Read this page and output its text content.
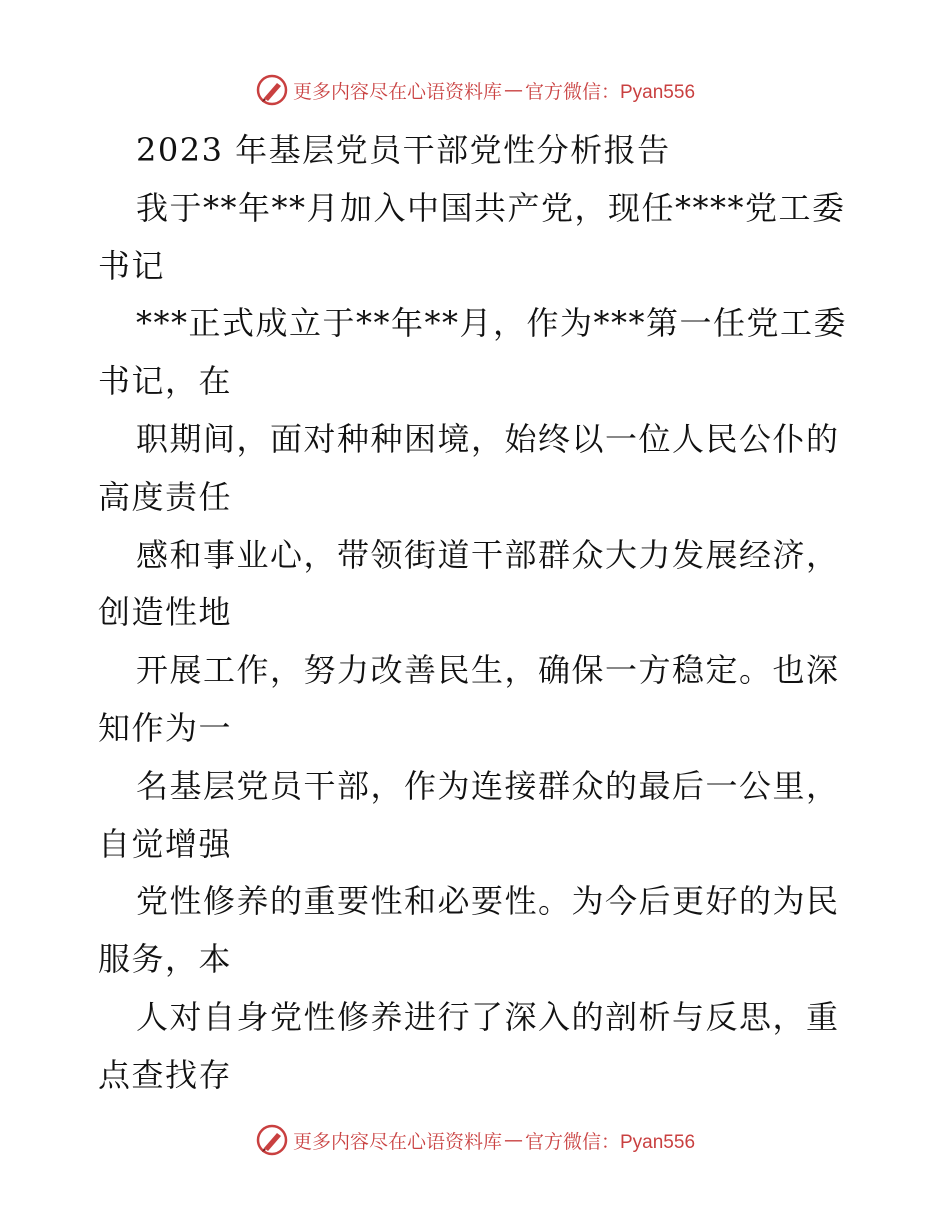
更多内容尽在心语资料库 — 官方微信：Pyan556
2023 年基层党员干部党性分析报告
我于**年**月加入中国共产党，现任****党工委
书记
***正式成立于**年**月，作为***第一任党工委
书记，在
职期间，面对种种困境，始终以一位人民公仆的
高度责任
感和事业心，带领街道干部群众大力发展经济，
创造性地
开展工作，努力改善民生，确保一方稳定。也深
知作为一
名基层党员干部，作为连接群众的最后一公里，
自觉增强
党性修养的重要性和必要性。为今后更好的为民
服务，本
人对自身党性修养进行了深入的剖析与反思，重
点查找存
更多内容尽在心语资料库 — 官方微信：Pyan556
